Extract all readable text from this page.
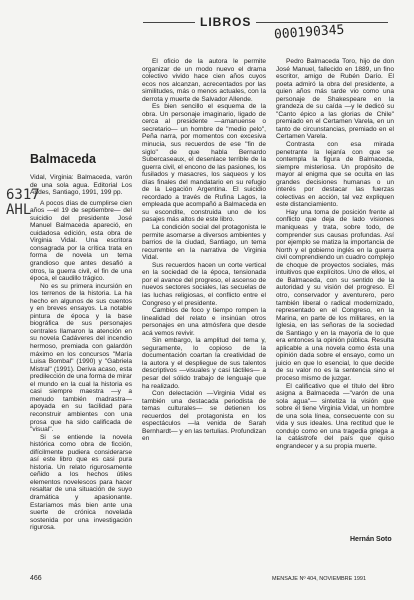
LIBROS
000190345
6317 AHL
Balmaceda

Vidal, Virginia: Balmaceda, varón de una sola agua. Editorial Los Andes, Santiago, 1991, 199 pp.

A pocos días de cumplirse cien años —el 19 de septiembre— del suicidio del presidente José Manuel Balmaceda apareció, en cuidadosa edición, esta obra de Virginia Vidal. Una escritora consagrada por la crítica trata en forma de novela un tema grandioso que antes desafió a otros, la guerra civil, el fin de una época, el caudillo trágico.

No es su primera incursión en los terrenos de la historia. La ha hecho en algunos de sus cuentos y en breves ensayos. La notable pintura de época y la base biográfica de sus personajes centrales llamaron la atención en su novela Cadáveres del incendio hermoso, premiada con galardón máximo en los concursos "María Luisa Bombal" (1990) y "Gabriela Mistral" (1991). Deriva acaso, esta predilección de una forma de mirar el mundo en la cual la historia es casi siempre maestra —y a menudo también madrastra— apoyada en su facilidad para reconstruir ambientes con una prosa que ha sido calificada de "visual".

Si se entiende la novela histórica como obra de ficción, difícilmente pudiera considerarse así este libro que es casi pura historia. Un relato rigurosamente ceñido a los hechos útiles elementos novelescos para hacer resaltar de una situación de suyo dramática y apasionante. Estaríamos más bien ante una suerte de crónica novelada sostenida por una investigación rigurosa.

El oficio de la autora le permite organizar de un modo nuevo el drama colectivo vivido hace cien años cuyos ecos nos alcanzan, acrecentados por las similitudes, más o menos actuales, con la derrota y muerte de Salvador Allende.

Es bien sencillo el esquema de la obra. Un personaje imaginario, ligado de cerca al presidente —amanuense o secretario— un hombre de "medio pelo", Peña narra, por momentos con excesiva minucia, sus recuerdos de ese "fin de siglo" de que habla Bernardo Subercaseaux, el desenlace terrible de la guerra civil, el encono de las pasiones, los fusilados y masacres, los saqueos y los días finales del mandatario en su refugio de la Legación Argentina. El suicidio recordado a través de Rufina Lagos, la empleada que acompañó a Balmaceda en su escondite, construida uno de los pasajes más altos de este libro.

La condición social del protagonista le permite asomarse a diversos ambientes y barrios de la ciudad, Santiago, un tema recurrente en la narrativa de Virginia Vidal.

Sus recuerdos hacen un corte vertical en la sociedad de la época, tensionada por el avance del progreso, el ascenso de nuevos sectores sociales, las secuelas de las luchas religiosas, el conflicto entre el Congreso y el presidente.

Cambios de foco y tiempo rompen la linealidad del relato e insinúan otros personajes en una atmósfera que desde acá vemos revivir.

Sin embargo, la amplitud del tema y, seguramente, lo copioso de la documentación coartan la creatividad de la autora y el despliegue de sus talentos descriptivos —visuales y casi táctiles— a pesar del sólido trabajo de lenguaje que ha realizado.

Con delectación —Virginia Vidal es también una destacada periodista de temas culturales— se detienen los recuerdos del protagonista en los espectáculos —la venida de Sarah Bernhardt— y en las tertulias. Profundizan en

Pedro Balmaceda Toro, hijo de don José Manuel, fallecido en 1889, un fino escritor, amigo de Rubén Darío. El poeta admiró la obra del presidente, a quien años más tarde vio como una personaje de Shakespeare en la grandeza de su caída —y le dedicó su "Canto épico a las glorias de Chile" premiado en el Certamen Varela, en un tanto de circunstancias, premiado en el Certamen Varela.

Contrasta con esa mirada penetrante la lejanía con que se contempla la figura de Balmaceda, siempre misteriosa. Un propósito de mayor al enigma que se oculta en las grandes decisiones humanas o un interés por destacar las fuerzas colectivas en acción, tal vez expliquen este distanciamiento.

Hay una toma de posición frente al conflicto que deja de lado visiones maniqueas y trata, sobre todo, de comprender sus causas profundas. Así por ejemplo se matiza la importancia de North y el gobierno inglés en la guerra civil comprendiendo un cuadro complejo de choque de proyectos sociales, más intuitivos que explícitos. Uno de ellos, el de Balmaceda, con su sentido de la autoridad y su visión del progreso. El otro, conservador y aventurero, pero también liberal o radical modernizado, representado en el Congreso, en la Marina, en parte de los militares, en la Iglesia, en las señoras de la sociedad de Santiago y en la mayoría de lo que era entonces la opinión pública. Resulta aplicable a una novela como ésta una opinión dada sobre el ensayo, como un juicio en que lo esencial, lo que decide de su valor no es la sentencia sino el proceso mismo de juzgar.

El calificativo que el título del libro asigna a Balmaceda —"varón de una sola agua"— sintetiza la visión que sobre él tiene Virginia Vidal, un hombre de una sola línea, consecuente con su vida y sus ideales. Una rectitud que le condujo como en una tragedia griega a la catástrofe del país que quiso engrandecer y a su propia muerte.

Hernán Soto
466	MENSAJE Nº 404, NOVIEMBRE 1991
